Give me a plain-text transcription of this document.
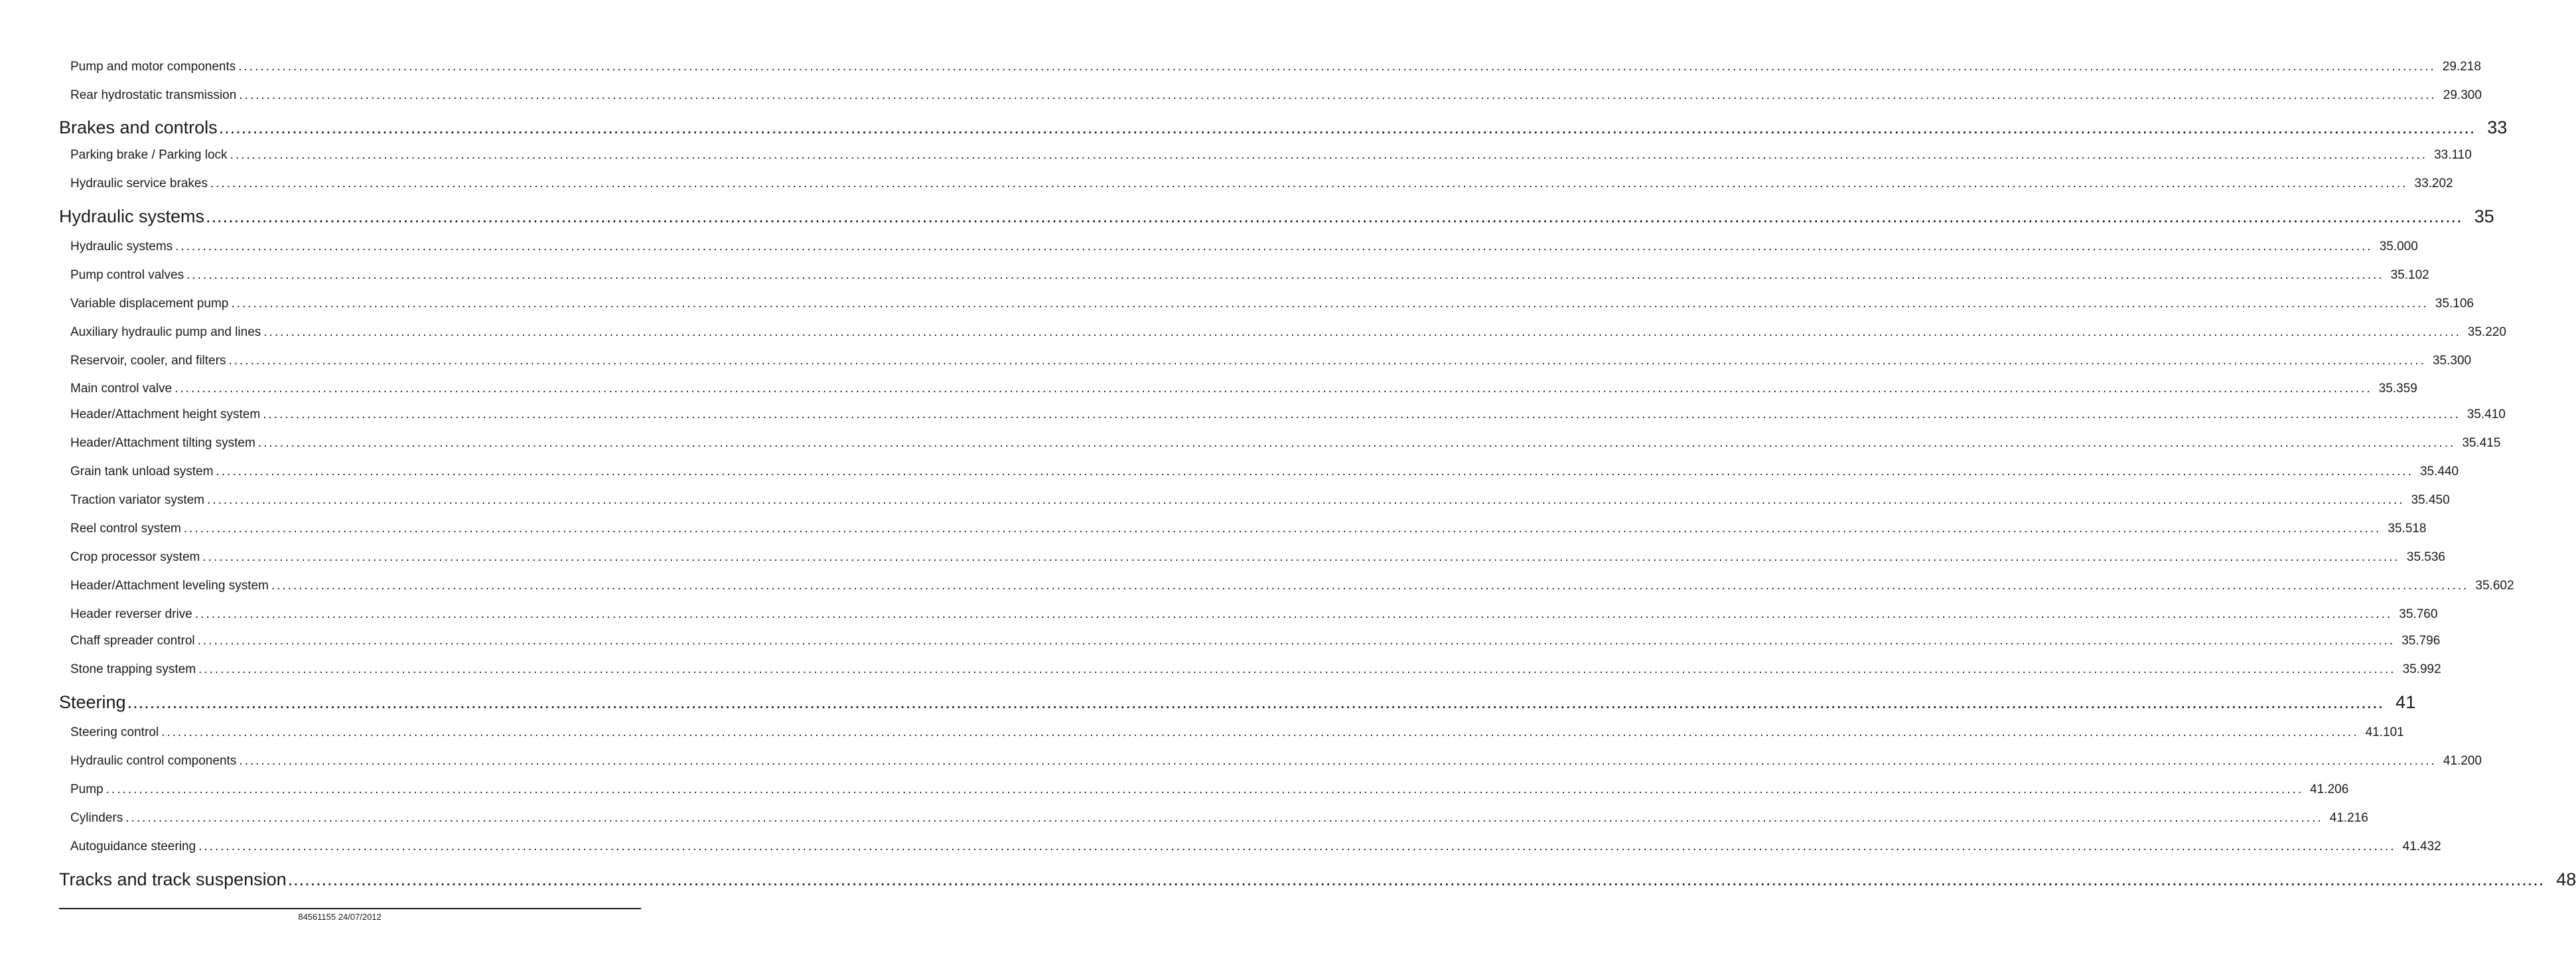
Pump and motor components ................................................................................................................................................................................................................................................................................................................................................................................................................ 29.218
Rear hydrostatic transmission ................................................................................................................................................................................................................................................................................................................................................................................................................ 29.300
Brakes and controls ................................................................................................................................................................................................................................................................................................................................................................................................................ 33
Parking brake / Parking lock ................................................................................................................................................................................................................................................................................................................................................................................................................ 33.110
Hydraulic service brakes ................................................................................................................................................................................................................................................................................................................................................................................................................ 33.202
Hydraulic systems ................................................................................................................................................................................................................................................................................................................................................................................................................ 35
Hydraulic systems ................................................................................................................................................................................................................................................................................................................................................................................................................ 35.000
Pump control valves ................................................................................................................................................................................................................................................................................................................................................................................................................ 35.102
Variable displacement pump ................................................................................................................................................................................................................................................................................................................................................................................................................ 35.106
Auxiliary hydraulic pump and lines ................................................................................................................................................................................................................................................................................................................................................................................................................ 35.220
Reservoir, cooler, and filters ................................................................................................................................................................................................................................................................................................................................................................................................................ 35.300
Main control valve ................................................................................................................................................................................................................................................................................................................................................................................................................ 35.359
Header/Attachment height system ................................................................................................................................................................................................................................................................................................................................................................................................................ 35.410
Header/Attachment tilting system ................................................................................................................................................................................................................................................................................................................................................................................................................ 35.415
Grain tank unload system ................................................................................................................................................................................................................................................................................................................................................................................................................ 35.440
Traction variator system ................................................................................................................................................................................................................................................................................................................................................................................................................ 35.450
Reel control system ................................................................................................................................................................................................................................................................................................................................................................................................................ 35.518
Crop processor system ................................................................................................................................................................................................................................................................................................................................................................................................................ 35.536
Header/Attachment leveling system ................................................................................................................................................................................................................................................................................................................................................................................................................ 35.602
Header reverser drive ................................................................................................................................................................................................................................................................................................................................................................................................................ 35.760
Chaff spreader control ................................................................................................................................................................................................................................................................................................................................................................................................................ 35.796
Stone trapping system ................................................................................................................................................................................................................................................................................................................................................................................................................ 35.992
Steering ................................................................................................................................................................................................................................................................................................................................................................................................................ 41
Steering control ................................................................................................................................................................................................................................................................................................................................................................................................................ 41.101
Hydraulic control components ................................................................................................................................................................................................................................................................................................................................................................................................................ 41.200
Pump ................................................................................................................................................................................................................................................................................................................................................................................................................ 41.206
Cylinders ................................................................................................................................................................................................................................................................................................................................................................................................................ 41.216
Autoguidance steering ................................................................................................................................................................................................................................................................................................................................................................................................................ 41.432
Tracks and track suspension ................................................................................................................................................................................................................................................................................................................................................................................................................ 48
84561155 24/07/2012
